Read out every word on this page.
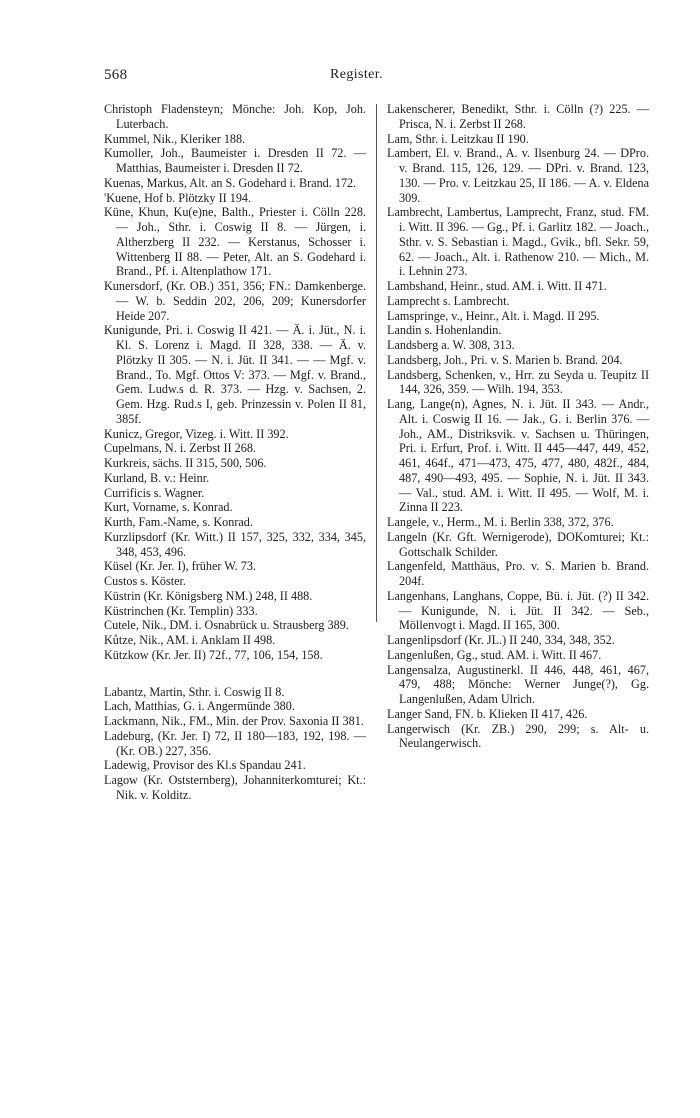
568	Register.

Christoph Fladensteyn; Mönche: Joh. Kop, Joh. Luterbach.

Kummel, Nik., Kleriker 188.

Kumoller, Joh., Baumeister i. Dresden II 72. — Matthias, Baumeister i. Dresden II 72.

Kuenas, Markus, Alt. an S. Godehard i. Brand. 172.

'Kuene, Hof b. Plötzky II 194.

Küne, Khun, Ku(e)ne, Balth., Priester i. Cölln 228. — Joh., Sthr. i. Coswig II 8. — Jürgen, i. Altherzberg II 232. — Kerstanus, Schosser i. Wittenberg II 88. — Peter, Alt. an S. Godehard i. Brand., Pf. i. Altenplathow 171.

Kunersdorf, (Kr. OB.) 351, 356; FN.: Damkenberge. — W. b. Seddin 202, 206, 209; Kunersdorfer Heide 207.

Kunigunde, Pri. i. Coswig II 421. — Ä. i. Jüt., N. i. Kl. S. Lorenz i. Magd. II 328, 338. — Ä. v. Plötzky II 305. — N. i. Jüt. II 341. — — Mgf. v. Brand., To. Mgf. Ottos V: 373. — Mgf. v. Brand., Gem. Ludw.s d. R. 373. — Hzg. v. Sachsen, 2. Gem. Hzg. Rud.s I, geb. Prinzessin v. Polen II 81, 385f.

Kunicz, Gregor, Vizeg. i. Witt. II 392.

Cupelmans, N. i. Zerbst II 268.

Kurkreis, sächs. II 315, 500, 506.

Kurland, B. v.: Heinr.

Currificis s. Wagner.

Kurt, Vorname, s. Konrad.

Kurth, Fam.-Name, s. Konrad.

Kurzlipsdorf (Kr. Witt.) II 157, 325, 332, 334, 345, 348, 453, 496.

Küsel (Kr. Jer. I), früher W. 73.

Custos s. Köster.

Küstrin (Kr. Königsberg NM.) 248, II 488.

Küstrinchen (Kr. Templin) 333.

Cutele, Nik., DM. i. Osnabrück u. Strausberg 389.

Kůtze, Nik., AM. i. Anklam II 498.

Kützkow (Kr. Jer. II) 72f., 77, 106, 154, 158.

Labantz, Martin, Sthr. i. Coswig II 8.

Lach, Matthias, G. i. Angermünde 380.

Lackmann, Nik., FM., Min. der Prov. Saxonia II 381.

Ladeburg, (Kr. Jer. I) 72, II 180—183, 192, 198. — (Kr. OB.) 227, 356.

Ladewig, Provisor des Kl.s Spandau 241.

Lagow (Kr. Oststernberg), Johanniterkomturei; Kt.: Nik. v. Kolditz.

Lakenscherer, Benedikt, Sthr. i. Cölln (?) 225. — Prisca, N. i. Zerbst II 268.

Lam, Sthr. i. Leitzkau II 190.

Lambert, El. v. Brand., A. v. Ilsenburg 24. — DPro. v. Brand. 115, 126, 129. — DPri. v. Brand. 123, 130. — Pro. v. Leitzkau 25, II 186. — A. v. Eldena 309.

Lambrecht, Lambertus, Lamprecht, Franz, stud. FM. i. Witt. II 396. — Gg., Pf. i. Garlitz 182. — Joach., Sthr. v. S. Sebastian i. Magd., Gvik., bfl. Sekr. 59, 62. — Joach., Alt. i. Rathenow 210. — Mich., M. i. Lehnin 273.

Lambshand, Heinr., stud. AM. i. Witt. II 471.

Lamprecht s. Lambrecht.

Lamspringe, v., Heinr., Alt. i. Magd. II 295.

Landin s. Hohenlandin.

Landsberg a. W. 308, 313.

Landsberg, Joh., Pri. v. S. Marien b. Brand. 204.

Landsberg, Schenken, v., Hrr. zu Seyda u. Teupitz II 144, 326, 359. — Wilh. 194, 353.

Lang, Lange(n), Agnes, N. i. Jüt. II 343. — Andr., Alt. i. Coswig II 16. — Jak., G. i. Berlin 376. — Joh., AM., Distriksvik. v. Sachsen u. Thüringen, Pri. i. Erfurt, Prof. i. Witt. II 445—447, 449, 452, 461, 464f., 471—473, 475, 477, 480, 482f., 484, 487, 490—493, 495. — Sophie, N. i. Jüt. II 343. — Val., stud. AM. i. Witt. II 495. — Wolf, M. i. Zinna II 223.

Langele, v., Herm., M. i. Berlin 338, 372, 376.

Langeln (Kr. Gft. Wernigerode), DOKomturei; Kt.: Gottschalk Schilder.

Langenfeld, Matthäus, Pro. v. S. Marien b. Brand. 204f.

Langenhans, Langhans, Coppe, Bü. i. Jüt. (?) II 342. — Kunigunde, N. i. Jüt. II 342. — Seb., Möllenvogt i. Magd. II 165, 300.

Langenlipsdorf (Kr. JL.) II 240, 334, 348, 352.

Langenlußen, Gg., stud. AM. i. Witt. II 467.

Langensalza, Augustinerkl. II 446, 448, 461, 467, 479, 488; Mönche: Werner Junge(?), Gg. Langenlußen, Adam Ulrich.

Langer Sand, FN. b. Klieken II 417, 426.

Langerwisch (Kr. ZB.) 290, 299; s. Alt- u. Neulangerwisch.
